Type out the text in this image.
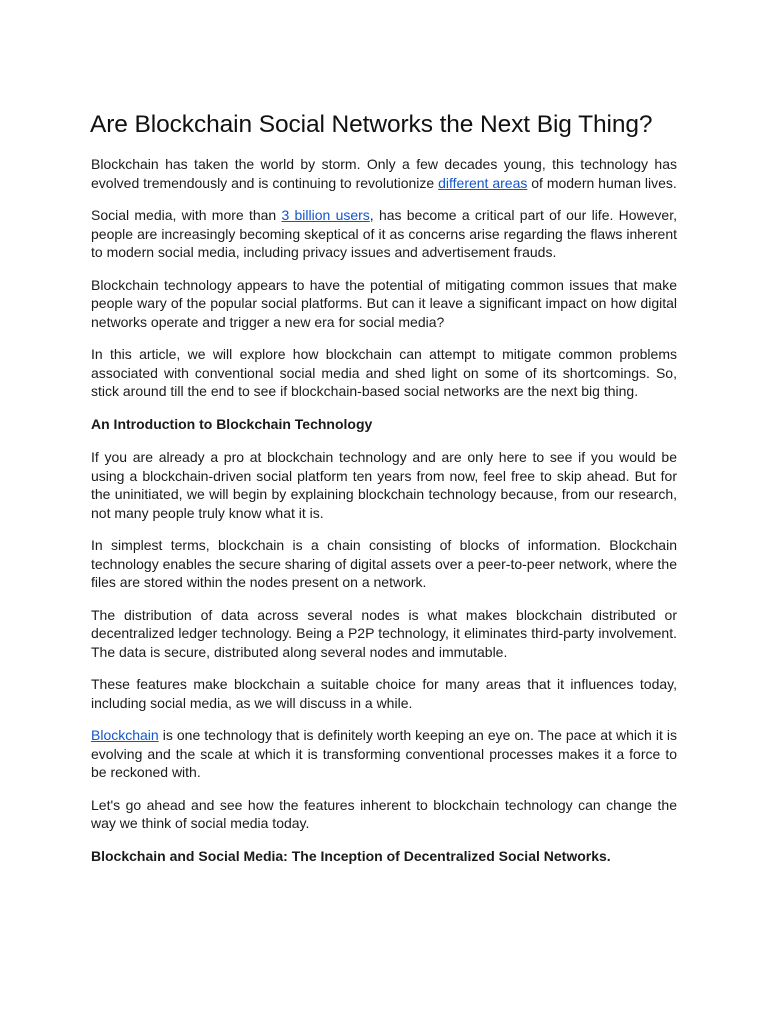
Are Blockchain Social Networks the Next Big Thing?

Blockchain has taken the world by storm. Only a few decades young, this technology has evolved tremendously and is continuing to revolutionize different areas of modern human lives.

Social media, with more than 3 billion users, has become a critical part of our life. However, people are increasingly becoming skeptical of it as concerns arise regarding the flaws inherent to modern social media, including privacy issues and advertisement frauds.

Blockchain technology appears to have the potential of mitigating common issues that make people wary of the popular social platforms. But can it leave a significant impact on how digital networks operate and trigger a new era for social media?

In this article, we will explore how blockchain can attempt to mitigate common problems associated with conventional social media and shed light on some of its shortcomings. So, stick around till the end to see if blockchain-based social networks are the next big thing.

An Introduction to Blockchain Technology

If you are already a pro at blockchain technology and are only here to see if you would be using a blockchain-driven social platform ten years from now, feel free to skip ahead. But for the uninitiated, we will begin by explaining blockchain technology because, from our research, not many people truly know what it is.

In simplest terms, blockchain is a chain consisting of blocks of information. Blockchain technology enables the secure sharing of digital assets over a peer-to-peer network, where the files are stored within the nodes present on a network.

The distribution of data across several nodes is what makes blockchain distributed or decentralized ledger technology. Being a P2P technology, it eliminates third-party involvement. The data is secure, distributed along several nodes and immutable.

These features make blockchain a suitable choice for many areas that it influences today, including social media, as we will discuss in a while.

Blockchain is one technology that is definitely worth keeping an eye on. The pace at which it is evolving and the scale at which it is transforming conventional processes makes it a force to be reckoned with.

Let's go ahead and see how the features inherent to blockchain technology can change the way we think of social media today.

Blockchain and Social Media: The Inception of Decentralized Social Networks.
